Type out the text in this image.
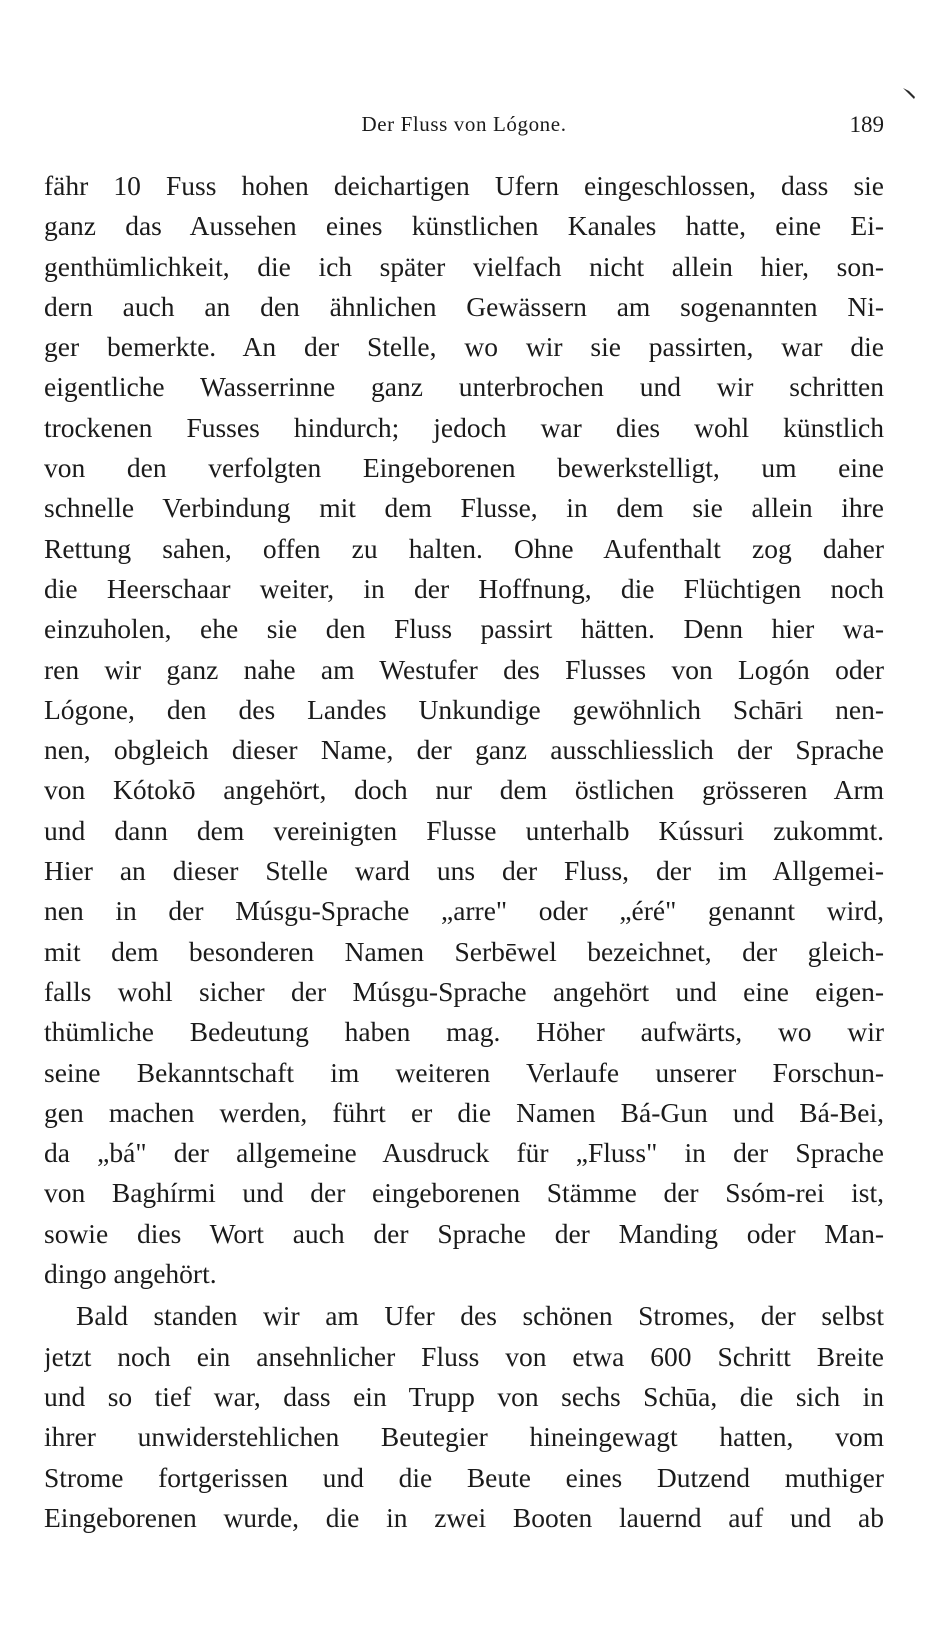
Der Fluss von Lógone.	189
fähr 10 Fuss hohen deichartigen Ufern eingeschlossen, dass sie
ganz das Aussehen eines künstlichen Kanales hatte, eine Ei-
genthümlichkeit, die ich später vielfach nicht allein hier, son-
dern auch an den ähnlichen Gewässern am sogenannten Ni-
ger bemerkte. An der Stelle, wo wir sie passirten, war die
eigentliche Wasserrinne ganz unterbrochen und wir schritten
trockenen Fusses hindurch; jedoch war dies wohl künstlich
von den verfolgten Eingeborenen bewerkstelligt, um eine
schnelle Verbindung mit dem Flusse, in dem sie allein ihre
Rettung sahen, offen zu halten. Ohne Aufenthalt zog daher
die Heerschaar weiter, in der Hoffnung, die Flüchtigen noch
einzuholen, ehe sie den Fluss passirt hätten. Denn hier wa-
ren wir ganz nahe am Westufer des Flusses von Logón oder
Lógone, den des Landes Unkundige gewöhnlich Schāri nen-
nen, obgleich dieser Name, der ganz ausschliesslich der Sprache
von Kótokō angehört, doch nur dem östlichen grösseren Arm
und dann dem vereinigten Flusse unterhalb Kússuri zukommt.
Hier an dieser Stelle ward uns der Fluss, der im Allgemei-
nen in der Músgu-Sprache „arre" oder „éré" genannt wird,
mit dem besonderen Namen Serbēwel bezeichnet, der gleich-
falls wohl sicher der Músgu-Sprache angehört und eine eigen-
thümliche Bedeutung haben mag. Höher aufwärts, wo wir
seine Bekanntschaft im weiteren Verlaufe unserer Forschun-
gen machen werden, führt er die Namen Bá-Gun und Bá-Bei,
da „bá" der allgemeine Ausdruck für „Fluss" in der Sprache
von Baghírmi und der eingeborenen Stämme der Ssóm-rei ist,
sowie dies Wort auch der Sprache der Manding oder Man-
dingo angehört.
Bald standen wir am Ufer des schönen Stromes, der selbst
jetzt noch ein ansehnlicher Fluss von etwa 600 Schritt Breite
und so tief war, dass ein Trupp von sechs Schūa, die sich in
ihrer unwiderstehlichen Beutegier hineingewagt hatten, vom
Strome fortgerissen und die Beute eines Dutzend muthiger
Eingeborenen wurde, die in zwei Booten lauernd auf und ab
